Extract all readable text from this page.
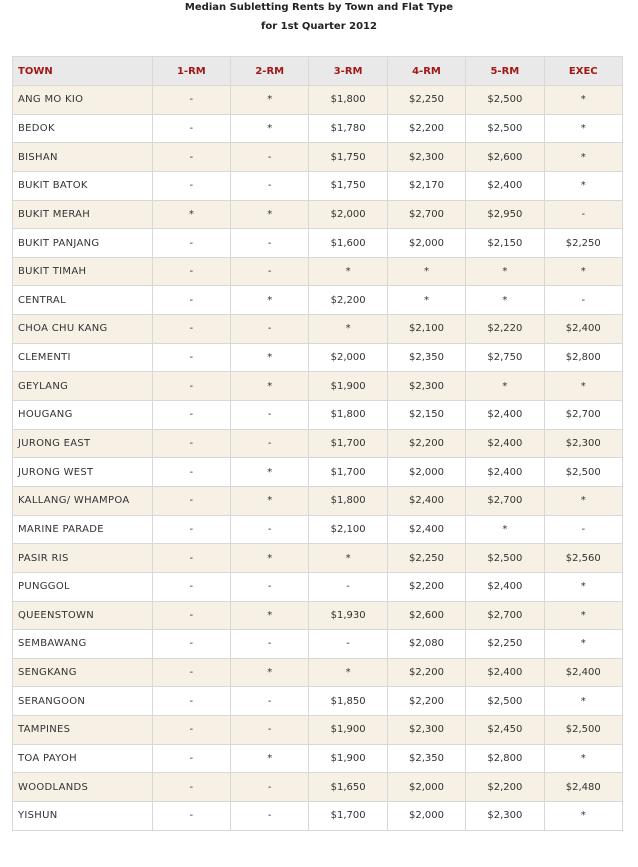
Median Subletting Rents by Town and Flat Type
for 1st Quarter 2012
TOWN	1-RM	2-RM	3-RM	4-RM	5-RM	EXEC
ANG MO KIO	-	*	$1,800	$2,250	$2,500	*
BEDOK	-	*	$1,780	$2,200	$2,500	*
BISHAN	-	-	$1,750	$2,300	$2,600	*
BUKIT BATOK	-	-	$1,750	$2,170	$2,400	*
BUKIT MERAH	*	*	$2,000	$2,700	$2,950	-
BUKIT PANJANG	-	-	$1,600	$2,000	$2,150	$2,250
BUKIT TIMAH	-	-	*	*	*	*
CENTRAL	-	*	$2,200	*	*	-
CHOA CHU KANG	-	-	*	$2,100	$2,220	$2,400
CLEMENTI	-	*	$2,000	$2,350	$2,750	$2,800
GEYLANG	-	*	$1,900	$2,300	*	*
HOUGANG	-	-	$1,800	$2,150	$2,400	$2,700
JURONG EAST	-	-	$1,700	$2,200	$2,400	$2,300
JURONG WEST	-	*	$1,700	$2,000	$2,400	$2,500
KALLANG/ WHAMPOA	-	*	$1,800	$2,400	$2,700	*
MARINE PARADE	-	-	$2,100	$2,400	*	-
PASIR RIS	-	*	*	$2,250	$2,500	$2,560
PUNGGOL	-	-	-	$2,200	$2,400	*
QUEENSTOWN	-	*	$1,930	$2,600	$2,700	*
SEMBAWANG	-	-	-	$2,080	$2,250	*
SENGKANG	-	*	*	$2,200	$2,400	$2,400
SERANGOON	-	-	$1,850	$2,200	$2,500	*
TAMPINES	-	-	$1,900	$2,300	$2,450	$2,500
TOA PAYOH	-	*	$1,900	$2,350	$2,800	*
WOODLANDS	-	-	$1,650	$2,000	$2,200	$2,480
YISHUN	-	-	$1,700	$2,000	$2,300	*
